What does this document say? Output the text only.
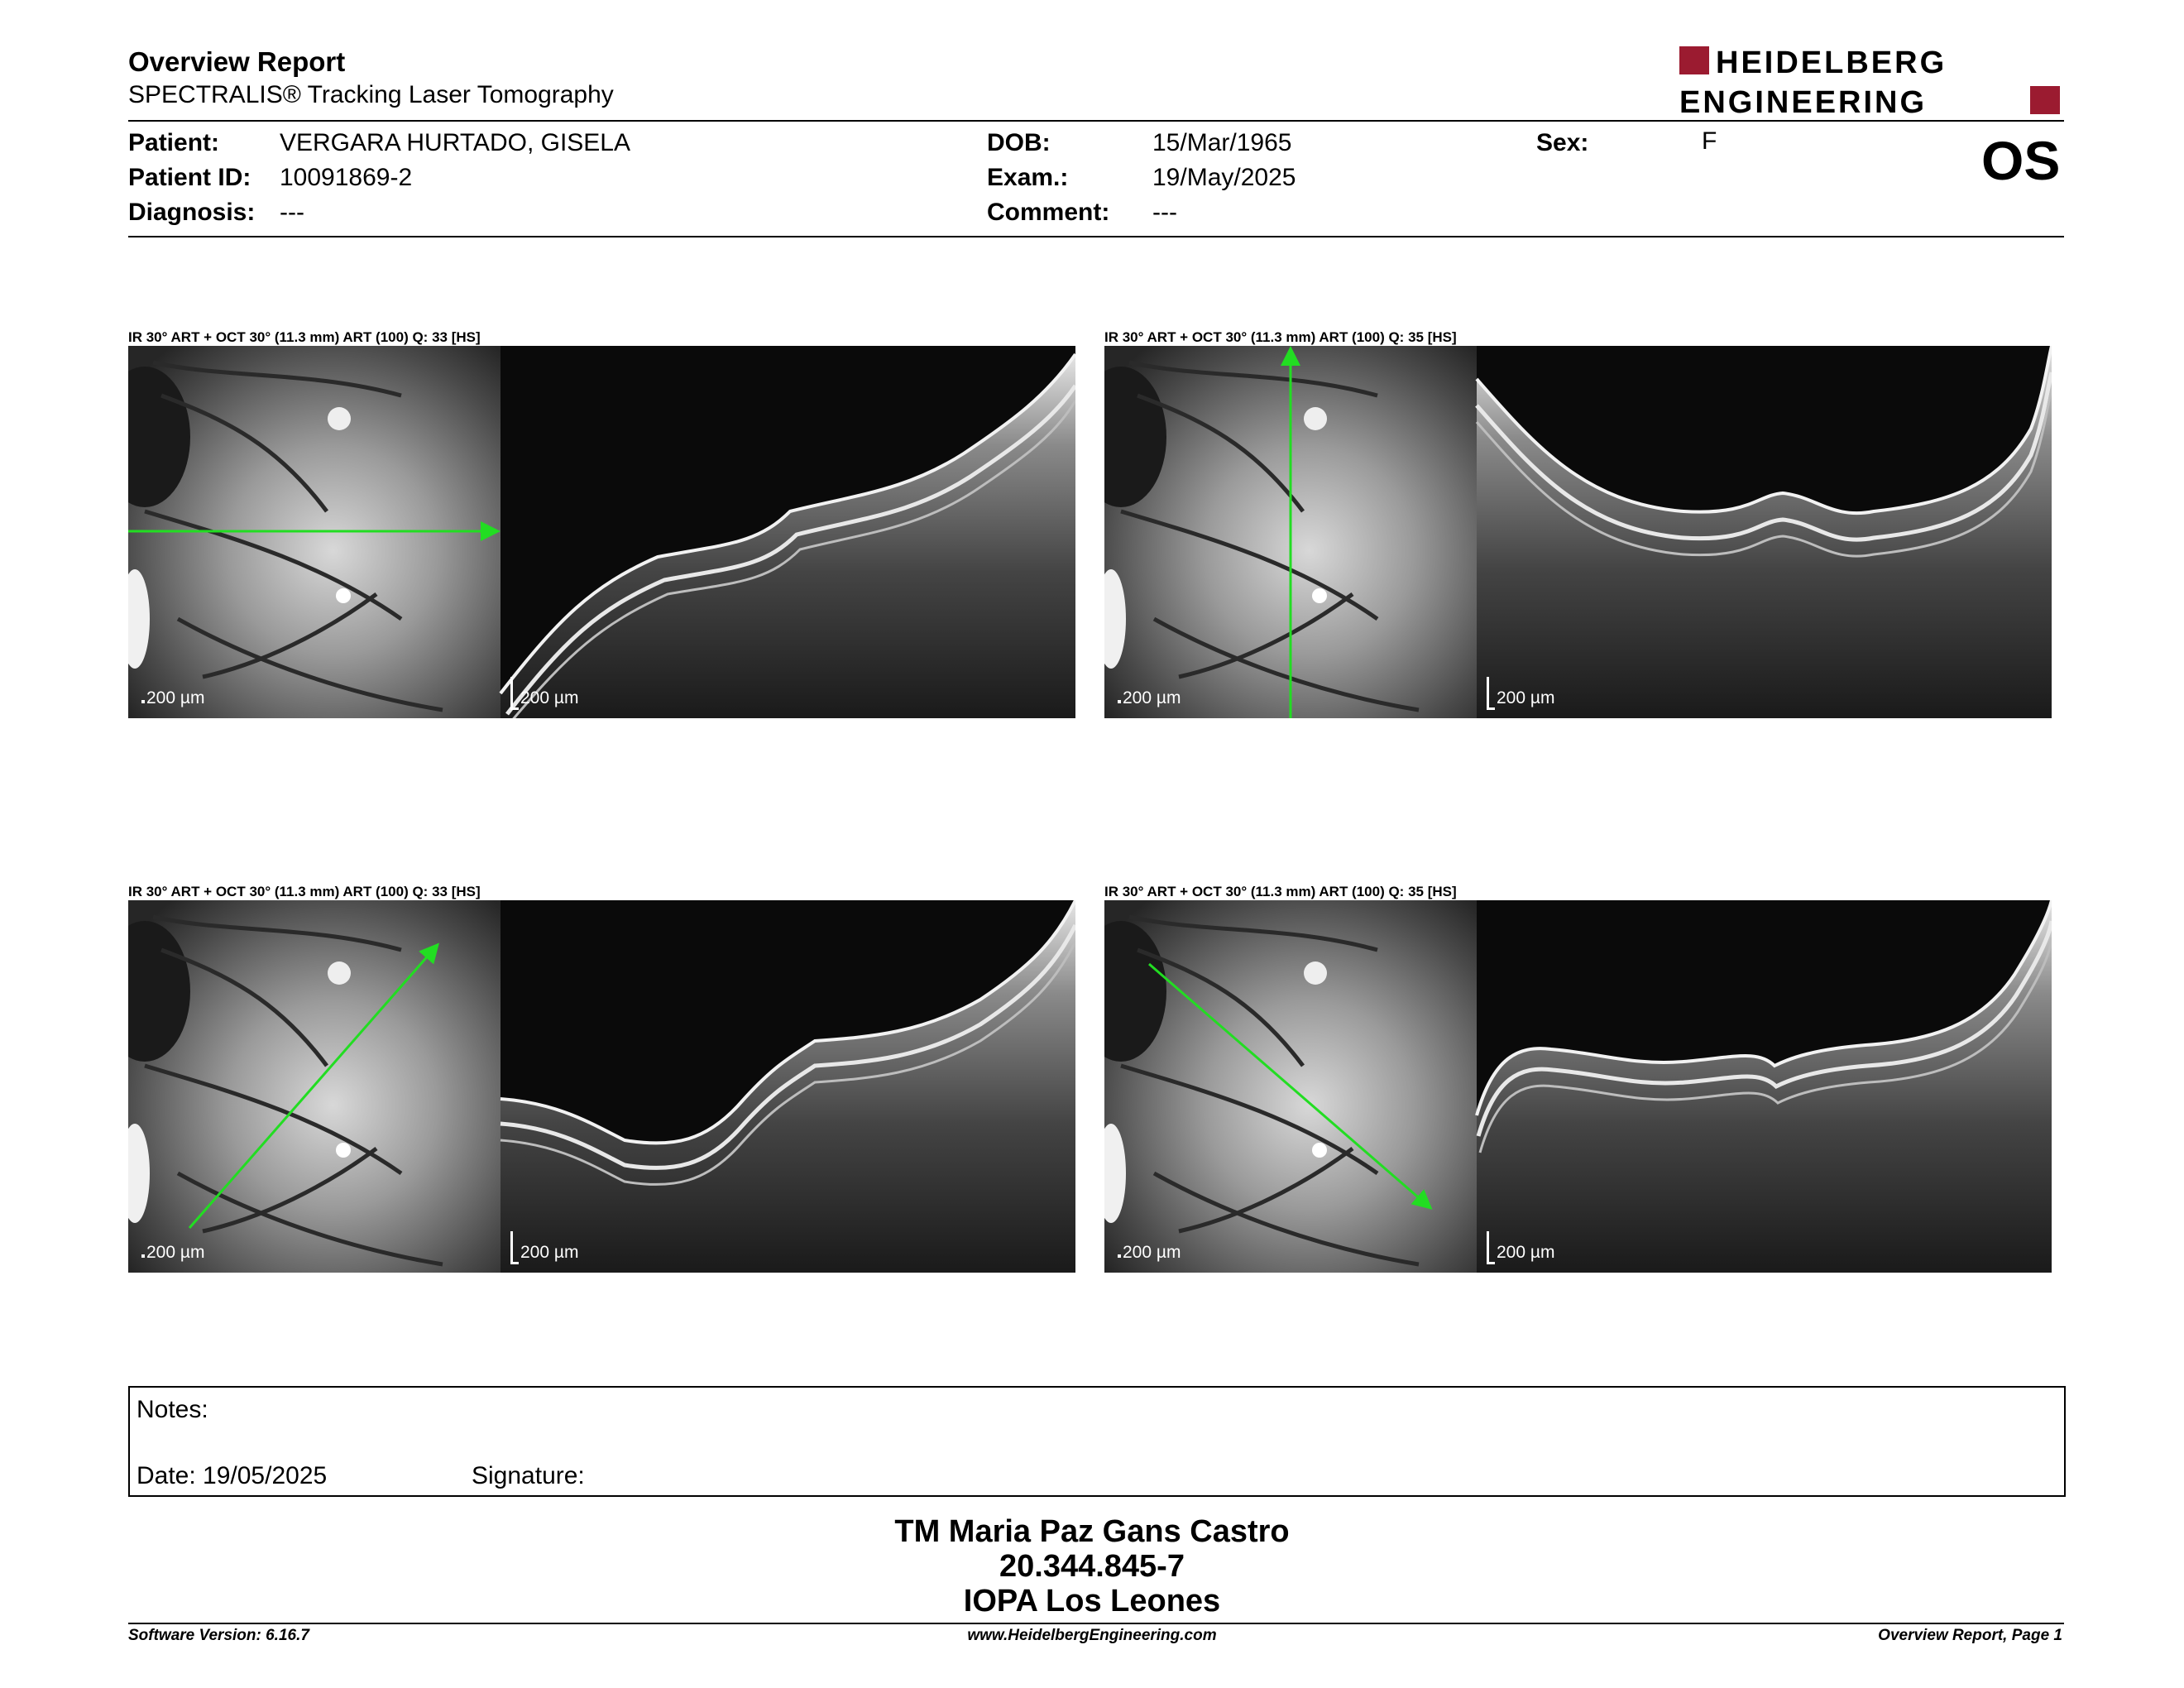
Overview Report
SPECTRALIS® Tracking Laser Tomography
HEIDELBERG
ENGINEERING
Patient: VERGARA HURTADO, GISELA
Patient ID: 10091869-2
Diagnosis: ---
DOB:	15/Mar/1965
Exam.:	19/May/2025
Comment: ---
Sex:	F	OS
IR 30° ART + OCT 30° (11.3 mm) ART (100) Q: 33 [HS]
200 µm	200 µm
IR 30° ART + OCT 30° (11.3 mm) ART (100) Q: 35 [HS]
200 µm	200 µm
IR 30° ART + OCT 30° (11.3 mm) ART (100) Q: 33 [HS]
200 µm	200 µm
IR 30° ART + OCT 30° (11.3 mm) ART (100) Q: 35 [HS]
200 µm	200 µm
Notes:
Date: 19/05/2025	Signature:
TM Maria Paz Gans Castro
20.344.845-7
IOPA Los Leones
Software Version: 6.16.7	www.HeidelbergEngineering.com	Overview Report, Page 1
